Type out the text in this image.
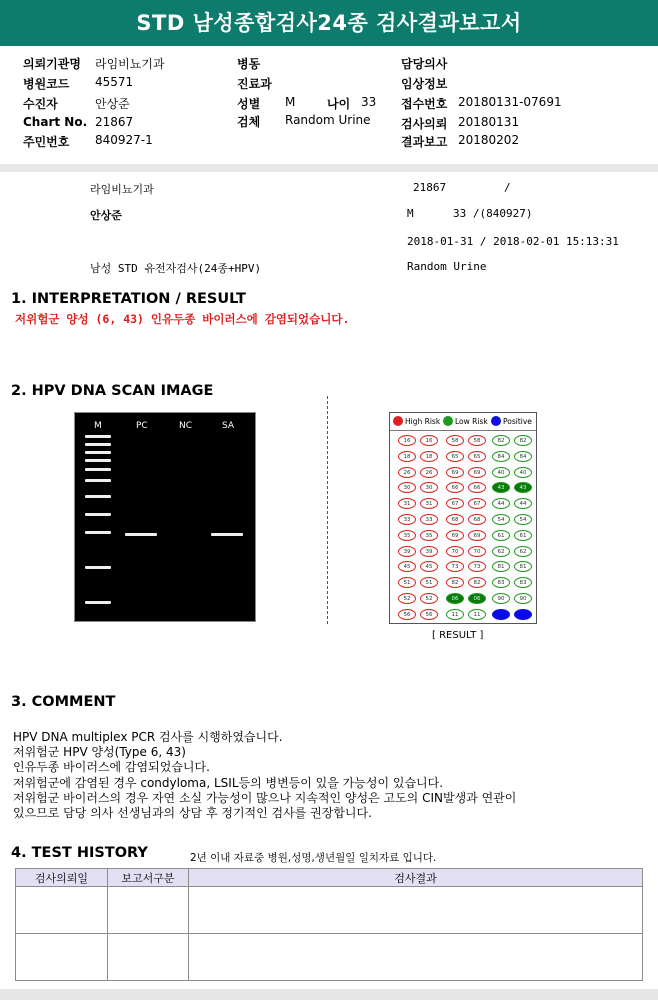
STD 남성종합검사24종 검사결과보고서
의뢰기관명 라임비뇨기과
병원코드 45571
수진자	안상준
Chart No. 21867
주민번호 840927-1
병동
진료과
성별 M	나이 33
검체 Random Urine
담당의사
임상정보
접수번호 20180131-07691
검사의뢰 20180131
결과보고 20180202
라임비뇨기과	21867	/
안상준	M	33 /(840927)
2018-01-31 / 2018-02-01 15:13:31
남성 STD 유전자검사(24종+HPV)	Random Urine
1. INTERPRETATION / RESULT
저위험군 양성 (6, 43) 인유두종 바이러스에 감염되었습니다.
2. HPV DNA SCAN IMAGE
M	PC	NC	SA	High Risk Low Risk Positive
16	16	58	58	82	82
18	18	65	65	84	84
26	26	69	69	40	40
30	30	66	66	43	43
31	31	67	67	44	44
33	33	68	68	54	54
35	35	69	69	61	61
39	39	70	70	62	62
45	45	73	73	81	81
51	51	82	82	83	83
52	52	06	06	90	90
56	56	11	11
[ RESULT ]
3. COMMENT
HPV DNA multiplex PCR 검사를 시행하였습니다.
저위험군 HPV 양성(Type 6, 43)
인유두종 바이러스에 감염되었습니다.
저위험군에 감염된 경우 condyloma, LSIL등의 병변등이 있을 가능성이 있습니다.
저위험군 바이러스의 경우 자연 소실 가능성이 많으나 지속적인 양성은 고도의 CIN발생과 연관이
있으므로 담당 의사 선생님과의 상담 후 정기적인 검사를 권장합니다.
4. TEST HISTORY	2년 이내 자료중 병원,성명,생년월일 일치자료 입니다.
검사의뢰일	보고서구분	검사결과
